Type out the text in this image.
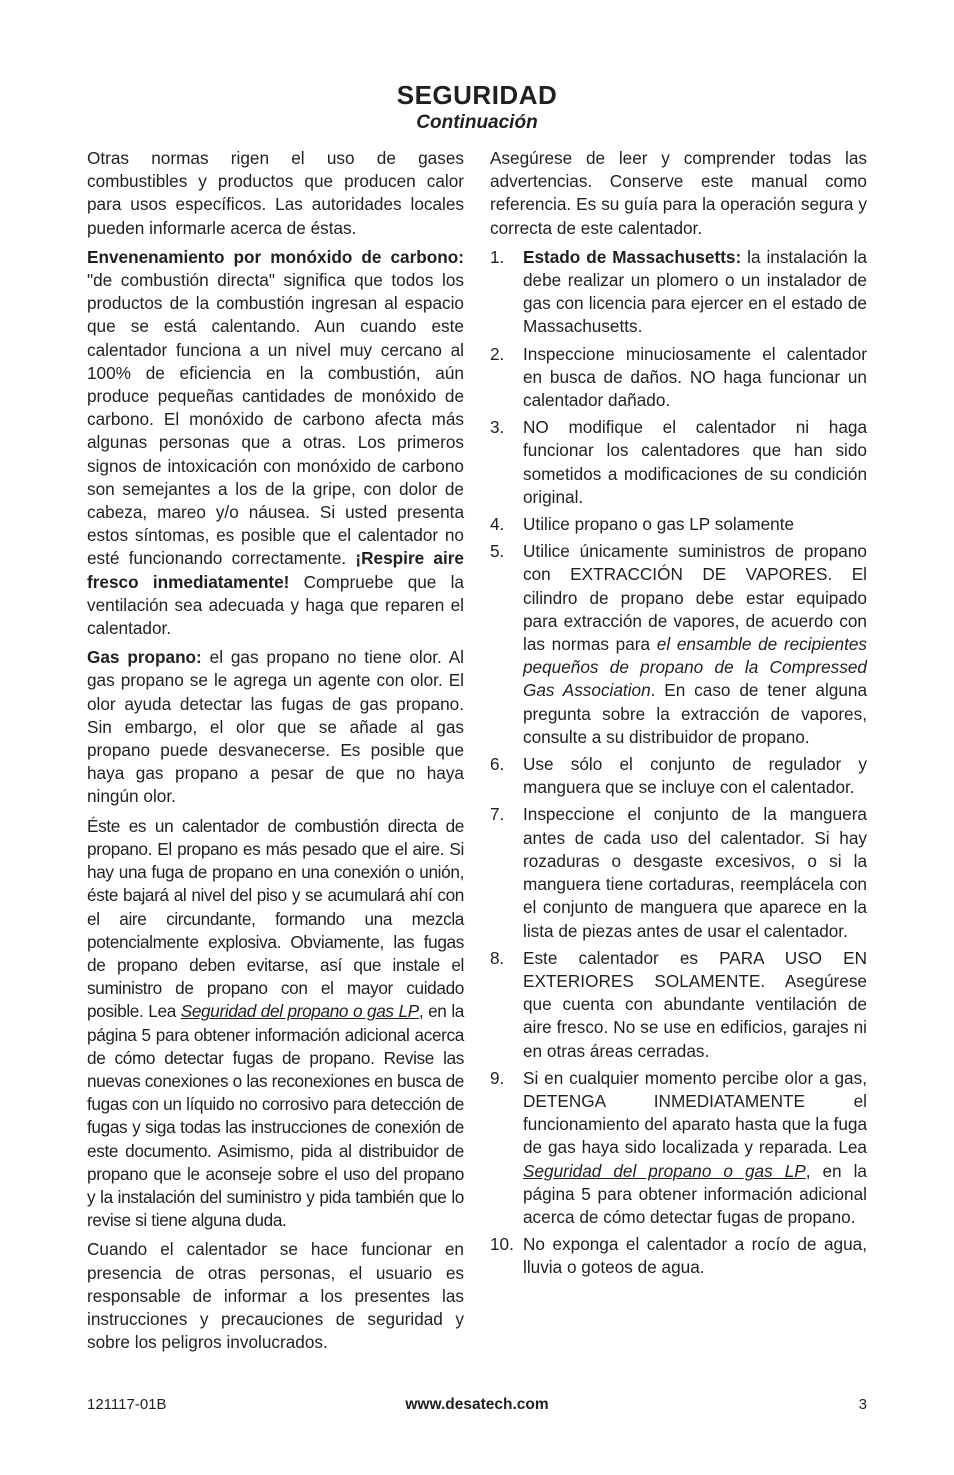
SEGURIDAD
Continuación

Otras normas rigen el uso de gases combustibles y productos que producen calor para usos específicos. Las autoridades locales pueden informarle acerca de éstas.

Envenenamiento por monóxido de carbono: "de combustión directa" significa que todos los productos de la combustión ingresan al espacio que se está calentando. Aun cuando este calentador funciona a un nivel muy cercano al 100% de eficiencia en la combustión, aún produce pequeñas cantidades de monóxido de carbono. El monóxido de carbono afecta más algunas personas que a otras. Los primeros signos de intoxicación con monóxido de carbono son semejantes a los de la gripe, con dolor de cabeza, mareo y/o náusea. Si usted presenta estos síntomas, es posible que el calentador no esté funcionando correctamente. ¡Respire aire fresco inmediatamente! Compruebe que la ventilación sea adecuada y haga que reparen el calentador.

Gas propano: el gas propano no tiene olor. Al gas propano se le agrega un agente con olor. El olor ayuda detectar las fugas de gas propano. Sin embargo, el olor que se añade al gas propano puede desvanecerse. Es posible que haya gas propano a pesar de que no haya ningún olor.

Éste es un calentador de combustión directa de propano. El propano es más pesado que el aire. Si hay una fuga de propano en una conexión o unión, éste bajará al nivel del piso y se acumulará ahí con el aire circundante, formando una mezcla potencialmente explosiva. Obviamente, las fugas de propano deben evitarse, así que instale el suministro de propano con el mayor cuidado posible. Lea Seguridad del propano o gas LP, en la página 5 para obtener información adicional acerca de cómo detectar fugas de propano. Revise las nuevas conexiones o las reconexiones en busca de fugas con un líquido no corrosivo para detección de fugas y siga todas las instrucciones de conexión de este documento. Asimismo, pida al distribuidor de propano que le aconseje sobre el uso del propano y la instalación del suministro y pida también que lo revise si tiene alguna duda.

Cuando el calentador se hace funcionar en presencia de otras personas, el usuario es responsable de informar a los presentes las instrucciones y precauciones de seguridad y sobre los peligros involucrados.

Asegúrese de leer y comprender todas las advertencias. Conserve este manual como referencia. Es su guía para la operación segura y correcta de este calentador.

1. Estado de Massachusetts: la instalación la debe realizar un plomero o un instalador de gas con licencia para ejercer en el estado de Massachusetts.
2. Inspeccione minuciosamente el calentador en busca de daños. NO haga funcionar un calentador dañado.
3. NO modifique el calentador ni haga funcionar los calentadores que han sido sometidos a modificaciones de su condición original.
4. Utilice propano o gas LP solamente
5. Utilice únicamente suministros de propano con EXTRACCIÓN DE VAPORES. El cilindro de propano debe estar equipado para extracción de vapores, de acuerdo con las normas para el ensamble de recipientes pequeños de propano de la Compressed Gas Association. En caso de tener alguna pregunta sobre la extracción de vapores, consulte a su distribuidor de propano.
6. Use sólo el conjunto de regulador y manguera que se incluye con el calentador.
7. Inspeccione el conjunto de la manguera antes de cada uso del calentador. Si hay rozaduras o desgaste excesivos, o si la manguera tiene cortaduras, reemplácela con el conjunto de manguera que aparece en la lista de piezas antes de usar el calentador.
8. Este calentador es PARA USO EN EXTERIORES SOLAMENTE. Asegúrese que cuenta con abundante ventilación de aire fresco. No se use en edificios, garajes ni en otras áreas cerradas.
9. Si en cualquier momento percibe olor a gas, DETENGA INMEDIATAMENTE el funcionamiento del aparato hasta que la fuga de gas haya sido localizada y reparada. Lea Seguridad del propano o gas LP, en la página 5 para obtener información adicional acerca de cómo detectar fugas de propano.
10. No exponga el calentador a rocío de agua, lluvia o goteos de agua.
121117-01B	www.desatech.com	3
